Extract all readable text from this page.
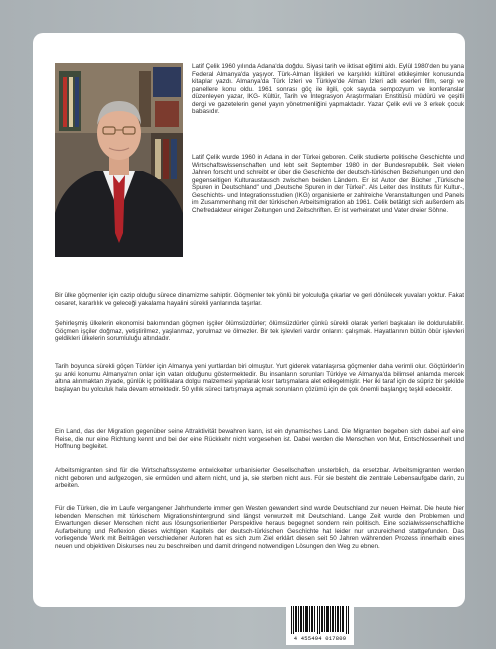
Latif Çelik 1960 yılında Adana'da doğdu. Siyasi tarih ve iktisat eğitimi aldı. Eylül 1980'den bu yana Federal Almanya'da yaşıyor. Türk-Alman İlişkileri ve karşılıklı kültürel etkileşimler konusunda kitaplar yazdı. Almanya'da Türk İzleri ve Türkiye'de Alman İzleri adlı eserleri film, sergi ve panellere konu oldu. 1961 sonrası göç ile ilgili, çok sayıda sempozyum ve konferanslar düzenleyen yazar, IKG- Kültür, Tarih ve İntegrasyon Araştırmaları Enstitüsü müdürü ve çeşitli dergi ve gazetelerin genel yayın yönetmenliğini yapmaktadır. Yazar Çelik evli ve 3 erkek çocuk babasıdır.

Latif Çelik wurde 1960 in Adana in der Türkei geboren. Celik studierte politische Geschichte und Wirtschaftswissenschaften und lebt seit September 1980 in der Bundesrepublik. Seit vielen Jahren forscht und schreibt er über die Geschichte der deutsch-türkischen Beziehungen und den gegenseitigen Kulturaustausch zwischen beiden Ländern. Er ist Autor der Bücher „Türkische Spuren in Deutschland" und „Deutsche Spuren in der Türkei". Als Leiter des Instituts für Kultur-, Geschichts- und Integrationsstudien (IKG) organisierte er zahlreiche Veranstaltungen und Panels im Zusammenhang mit der türkischen Arbeitsmigration ab 1961. Celik betätigt sich außerdem als Chefredakteur einiger Zeitungen und Zeitschriften. Er ist verheiratet und Vater dreier Söhne.

Bir ülke göçmenler için cazip olduğu sürece dinamizme sahiptir. Göçmenler tek yönlü bir yolculuğa çıkarlar ve geri dönülecek yuvaları yoktur. Fakat cesaret, kararlılık ve geleceği yakalama hayalini sürekli yanlarında taşırlar.

Şehirleşmiş ülkelerin ekonomisi bakımından göçmen işçiler ölümsüzdürler; ölümsüzdürler çünkü sürekli olarak yerleri başkaları ile doldurulabilir. Göçmen işçiler doğmaz, yetiştirilmez, yaşlanmaz, yorulmaz ve ölmezler. Bir tek işlevleri vardır onların: çalışmak. Hayatlarının bütün öbür işlevleri geldikleri ülkelerin sorumluluğu altındadır.

Tarih boyunca sürekli göçen Türkler için Almanya yeni yurtlardan biri olmuştur. Yurt giderek vatanlaşırsa göçmenler daha verimli olur. Göçtürkler'in şu anki konumu Almanya'nın onlar için vatan olduğunu göstermektedir. Bu insanların sorunları Türkiye ve Almanya'da bilimsel anlamda mercek altına alınmaktan ziyade, günlük iç politikalara dolgu malzemesi yapılarak kısır tartışmalara alet edilegelmiştir. Her iki taraf için de süpriz bir şekilde başlayan bu yolculuk hala devam etmektedir. 50 yıllık süreci tartışmaya açmak sorunların çözümü için de çok önemli başlangıç teşkil edecektir.

Ein Land, das der Migration gegenüber seine Attraktivität bewahren kann, ist ein dynamisches Land. Die Migranten begeben sich dabei auf eine Reise, die nur eine Richtung kennt und bei der eine Rückkehr nicht vorgesehen ist. Dabei werden die Menschen von Mut, Entschlossenheit und Hoffnung begleitet.

Arbeitsmigranten sind für die Wirtschaftssysteme entwickelter urbanisierter Gesellschaften unsterblich, da ersetzbar. Arbeitsmigranten werden nicht geboren und aufgezogen, sie ermüden und altern nicht, und ja, sie sterben nicht aus. Für sie besteht die zentrale Lebensaufgabe darin, zu arbeiten.

Für die Türken, die im Laufe vergangener Jahrhunderte immer gen Westen gewandert sind wurde Deutschland zur neuen Heimat. Die heute hier lebenden Menschen mit türkischem Migrationshintergrund sind längst verwurzelt mit Deutschland. Lange Zeit wurde den Problemen und Erwartungen dieser Menschen nicht aus lösungsorientierter Perspektive heraus begegnet sondern rein politisch. Eine sozialwissenschaftliche Aufarbeitung und Reflexion dieses wichtigen Kapitels der deutsch-türkischen Geschichte hat leider nur unzureichend stattgefunden. Das vorliegende Werk mit Beiträgen verschiedener Autoren hat es sich zum Ziel erklärt diesen seit 50 Jahren währenden Prozess innerhalb eines neuen und objektiven Diskurses neu zu beschreiben und damit dringend notwendigen Lösungen den Weg zu ebnen.

4 455494 017809
